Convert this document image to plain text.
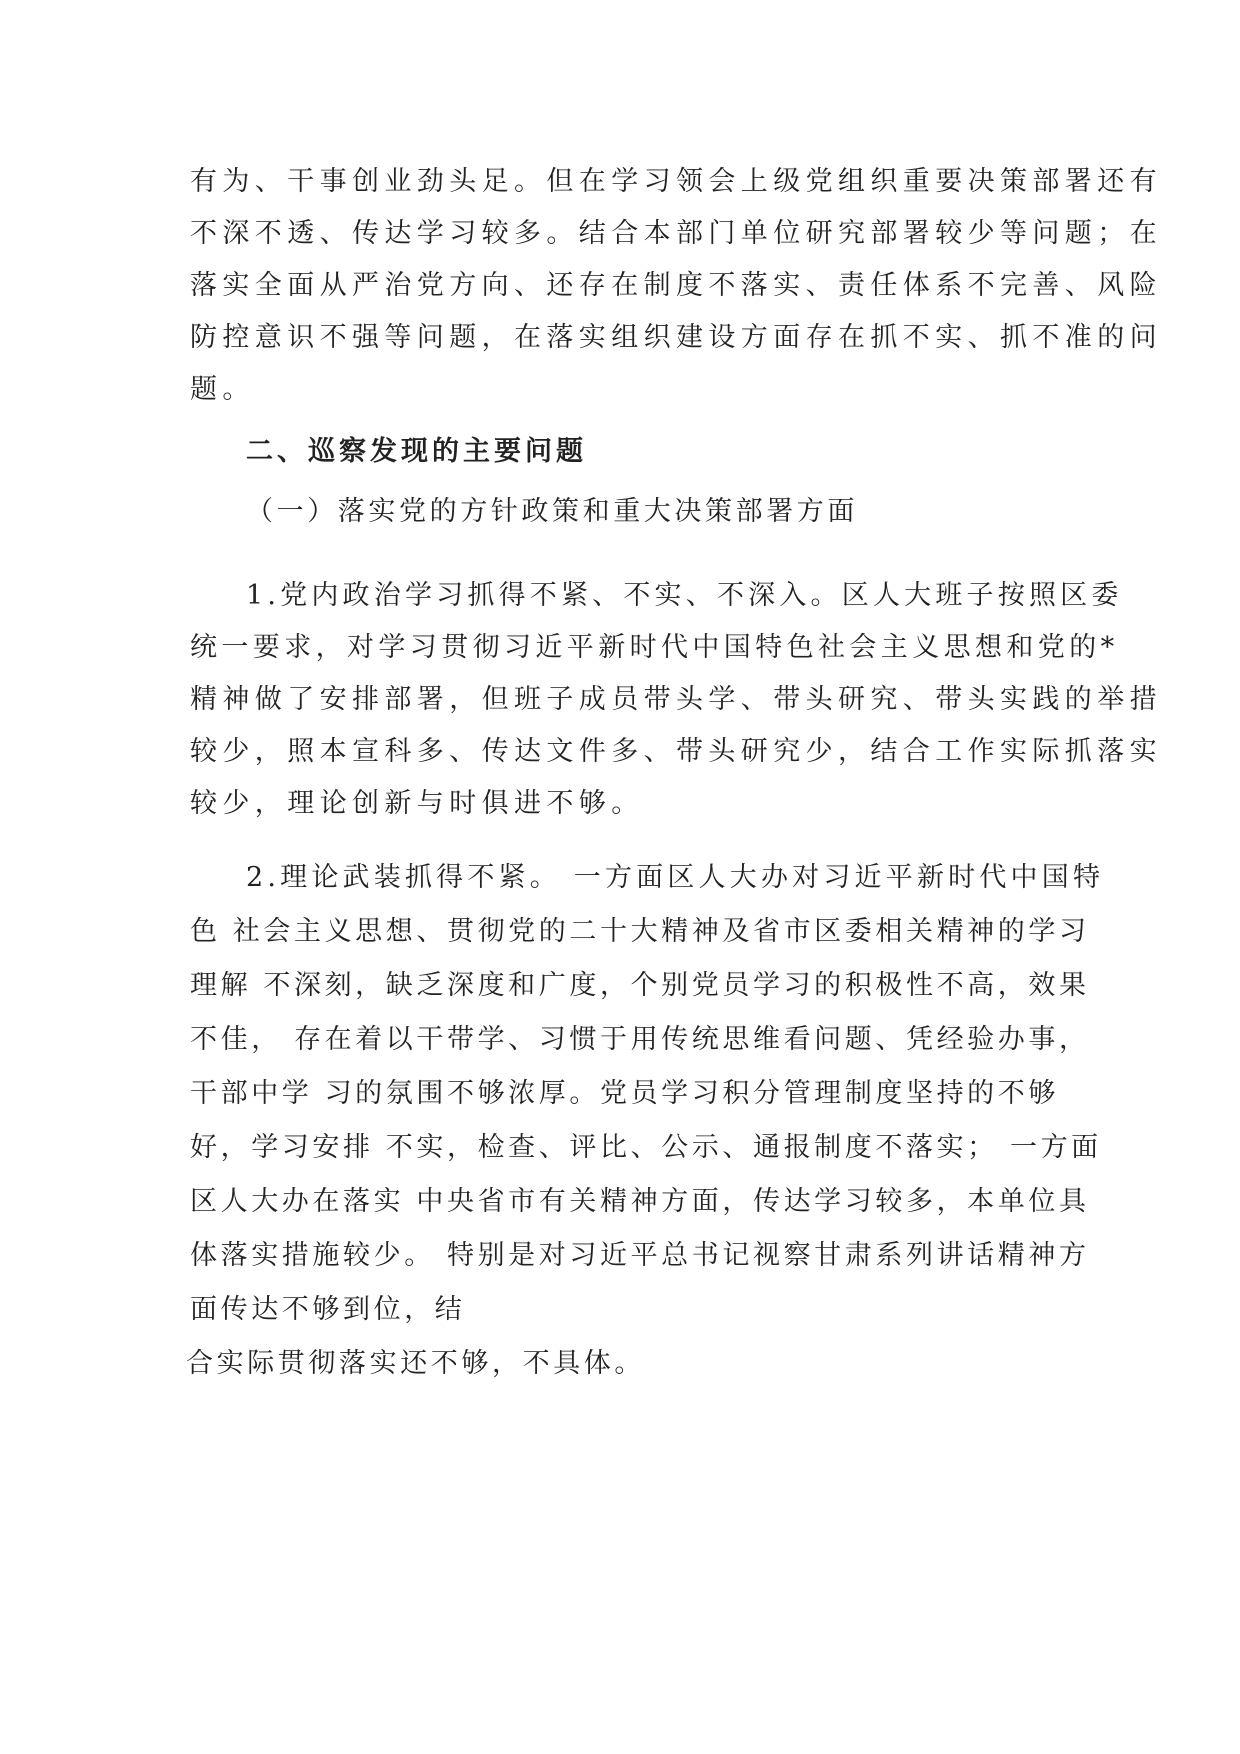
有为、干事创业劲头足。但在学习领会上级党组织重要决策部署还有
不深不透、传达学习较多。结合本部门单位研究部署较少等问题；在
落实全面从严治党方向、还存在制度不落实、责任体系不完善、风险
防控意识不强等问题，在落实组织建设方面存在抓不实、抓不准的问
题。
二、巡察发现的主要问题
（一）落实党的方针政策和重大决策部署方面
1.党内政治学习抓得不紧、不实、不深入。区人大班子按照区委
统一要求，对学习贯彻习近平新时代中国特色社会主义思想和党的*
精神做了安排部署，但班子成员带头学、带头研究、带头实践的举措
较少，照本宣科多、传达文件多、带头研究少，结合工作实际抓落实
较少，理论创新与时俱进不够。
2.理论武装抓得不紧。 一方面区人大办对习近平新时代中国特
色 社会主义思想、贯彻党的二十大精神及省市区委相关精神的学习
理解 不深刻，缺乏深度和广度，个别党员学习的积极性不高，效果
不佳， 存在着以干带学、习惯于用传统思维看问题、凭经验办事，
干部中学 习的氛围不够浓厚。党员学习积分管理制度坚持的不够
好，学习安排 不实，检查、评比、公示、通报制度不落实； 一方面
区人大办在落实 中央省市有关精神方面，传达学习较多，本单位具
体落实措施较少。 特别是对习近平总书记视察甘肃系列讲话精神方
面传达不够到位，结
合实际贯彻落实还不够，不具体。
